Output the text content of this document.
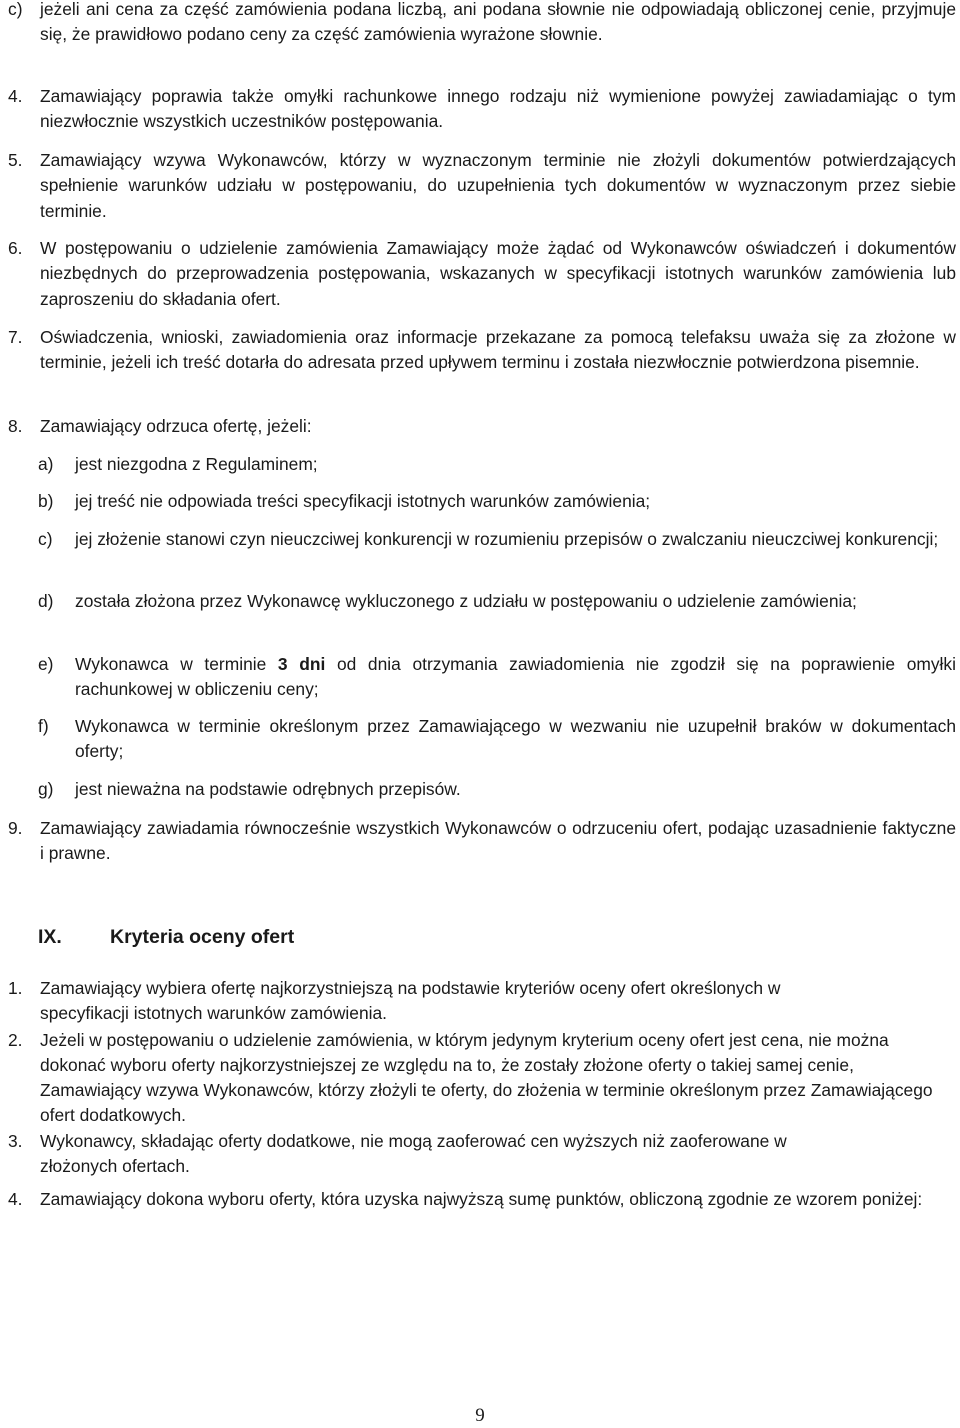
c) jeżeli ani cena za część zamówienia podana liczbą, ani podana słownie nie odpowiadają obliczonej cenie, przyjmuje się, że prawidłowo podano ceny za część zamówienia wyrażone słownie.
4. Zamawiający poprawia także omyłki rachunkowe innego rodzaju niż wymienione powyżej zawiadamiając o tym niezwłocznie wszystkich uczestników postępowania.
5. Zamawiający wzywa Wykonawców, którzy w wyznaczonym terminie nie złożyli dokumentów potwierdzających spełnienie warunków udziału w postępowaniu, do uzupełnienia tych dokumentów w wyznaczonym przez siebie terminie.
6. W postępowaniu o udzielenie zamówienia Zamawiający może żądać od Wykonawców oświadczeń i dokumentów niezbędnych do przeprowadzenia postępowania, wskazanych w specyfikacji istotnych warunków zamówienia lub zaproszeniu do składania ofert.
7. Oświadczenia, wnioski, zawiadomienia oraz informacje przekazane za pomocą telefaksu uważa się za złożone w terminie, jeżeli ich treść dotarła do adresata przed upływem terminu i została niezwłocznie potwierdzona pisemnie.
8. Zamawiający odrzuca ofertę, jeżeli:
a) jest niezgodna z Regulaminem;
b) jej treść nie odpowiada treści specyfikacji istotnych warunków zamówienia;
c) jej złożenie stanowi czyn nieuczciwej konkurencji w rozumieniu przepisów o zwalczaniu nieuczciwej konkurencji;
d) została złożona przez Wykonawcę wykluczonego z udziału w postępowaniu o udzielenie zamówienia;
e) Wykonawca w terminie 3 dni od dnia otrzymania zawiadomienia nie zgodził się na poprawienie omyłki rachunkowej w obliczeniu ceny;
f) Wykonawca w terminie określonym przez Zamawiającego w wezwaniu nie uzupełnił braków w dokumentach oferty;
g) jest nieważna na podstawie odrębnych przepisów.
9. Zamawiający zawiadamia równocześnie wszystkich Wykonawców o odrzuceniu ofert, podając uzasadnienie faktyczne i prawne.
IX. Kryteria oceny ofert
1. Zamawiający wybiera ofertę najkorzystniejszą na podstawie kryteriów oceny ofert określonych w specyfikacji istotnych warunków zamówienia.
2. Jeżeli w postępowaniu o udzielenie zamówienia, w którym jedynym kryterium oceny ofert jest cena, nie można dokonać wyboru oferty najkorzystniejszej ze względu na to, że zostały złożone oferty o takiej samej cenie, Zamawiający wzywa Wykonawców, którzy złożyli te oferty, do złożenia w terminie określonym przez Zamawiającego ofert dodatkowych.
3. Wykonawcy, składając oferty dodatkowe, nie mogą zaoferować cen wyższych niż zaoferowane w złożonych ofertach.
4. Zamawiający dokona wyboru oferty, która uzyska najwyższą sumę punktów, obliczoną zgodnie ze wzorem poniżej:
9
